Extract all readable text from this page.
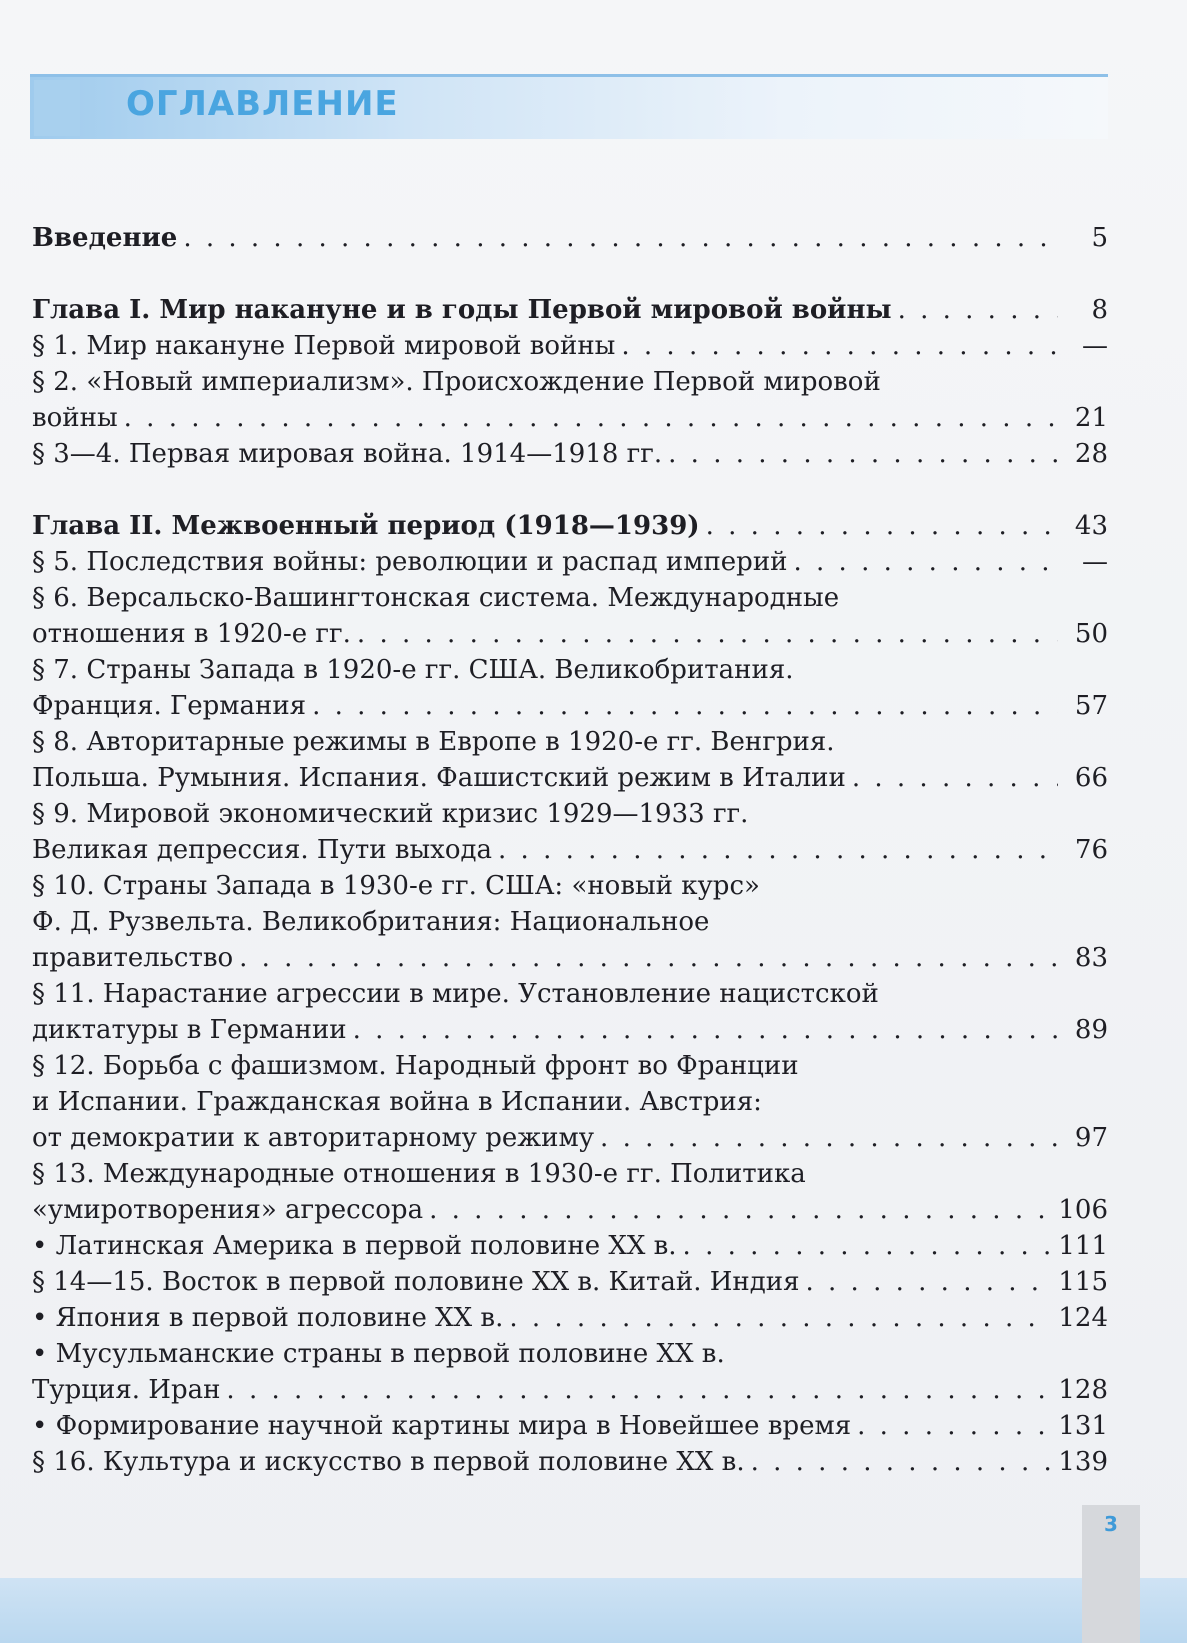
ОГЛАВЛЕНИЕ
Введение . . .	5
Глава I. Мир накануне и в годы Первой мировой войны . . .	8
§ 1. Мир накануне Первой мировой войны . . .	—
§ 2. «Новый империализм». Происхождение Первой мировой
войны . . .	21
§ 3—4. Первая мировая война. 1914—1918 гг. . . .	28
Глава II. Межвоенный период (1918—1939) . . .	43
§ 5. Последствия войны: революции и распад империй . . .	—
§ 6. Версальско-Вашингтонская система. Международные
отношения в 1920-е гг. . . .	50
§ 7. Страны Запада в 1920-е гг. США. Великобритания.
Франция. Германия . . .	57
§ 8. Авторитарные режимы в Европе в 1920-е гг. Венгрия.
Польша. Румыния. Испания. Фашистский режим в Италии . . .	66
§ 9. Мировой экономический кризис 1929—1933 гг.
Великая депрессия. Пути выхода . . .	76
§ 10. Страны Запада в 1930-е гг. США: «новый курс»
Ф. Д. Рузвельта. Великобритания: Национальное
правительство . . .	83
§ 11. Нарастание агрессии в мире. Установление нацистской
диктатуры в Германии . . .	89
§ 12. Борьба с фашизмом. Народный фронт во Франции
и Испании. Гражданская война в Испании. Австрия:
от демократии к авторитарному режиму . . .	97
§ 13. Международные отношения в 1930-е гг. Политика
«умиротворения» агрессора . . .	106
• Латинская Америка в первой половине XX в. . . .	111
§ 14—15. Восток в первой половине XX в. Китай. Индия . . .	115
• Япония в первой половине XX в. . . .	124
• Мусульманские страны в первой половине XX в.
Турция. Иран . . .	128
• Формирование научной картины мира в Новейшее время . . .	131
§ 16. Культура и искусство в первой половине XX в. . . .	139
3
